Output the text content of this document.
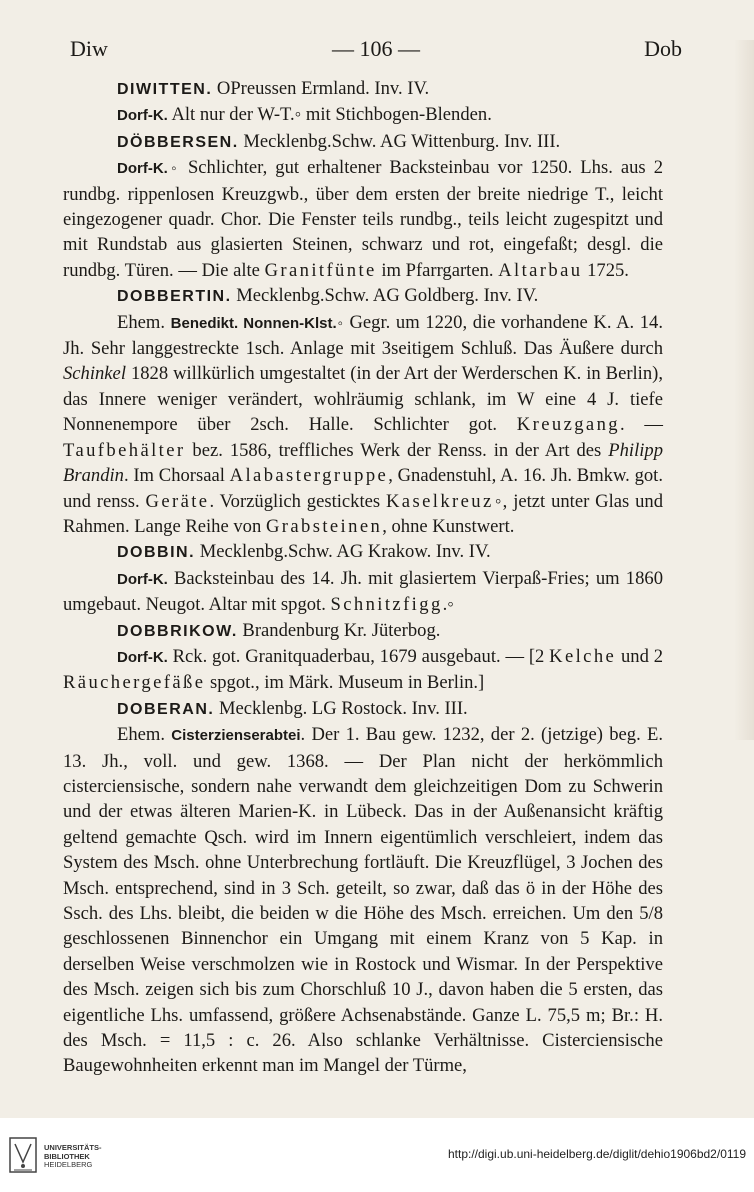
Diw	— 106 —	Dob

DIWITTEN. OPreussen Ermland. Inv. IV.

Dorf-K. Alt nur der W-T.◦ mit Stichbogen-Blenden.

DÖBBERSEN. Mecklenbg.Schw. AG Wittenburg. Inv. III.

Dorf-K.◦ Schlichter, gut erhaltener Backsteinbau vor 1250. Lhs. aus 2 rundbg. rippenlosen Kreuzgwb., über dem ersten der breite niedrige T., leicht eingezogener quadr. Chor. Die Fenster teils rundbg., teils leicht zugespitzt und mit Rundstab aus glasierten Steinen, schwarz und rot, eingefaßt; desgl. die rundbg. Türen. — Die alte Granitfünte im Pfarrgarten. Altarbau 1725.

DOBBERTIN. Mecklenbg.Schw. AG Goldberg. Inv. IV.

Ehem. Benedikt. Nonnen-Klst.◦ Gegr. um 1220, die vorhandene K. A. 14. Jh. Sehr langgestreckte 1sch. Anlage mit 3seitigem Schluß. Das Äußere durch Schinkel 1828 willkürlich umgestaltet (in der Art der Werderschen K. in Berlin), das Innere weniger verändert, wohlräumig schlank, im W eine 4 J. tiefe Nonnenempore über 2sch. Halle. Schlichter got. Kreuzgang. — Taufbehälter bez. 1586, treffliches Werk der Renss. in der Art des Philipp Brandin. Im Chorsaal Alabastergruppe, Gnadenstuhl, A. 16. Jh. Bmkw. got. und renss. Geräte. Vorzüglich gesticktes Kaselkreuz◦, jetzt unter Glas und Rahmen. Lange Reihe von Grabsteinen, ohne Kunstwert.

DOBBIN. Mecklenbg.Schw. AG Krakow. Inv. IV.

Dorf-K. Backsteinbau des 14. Jh. mit glasiertem Vierpaß-Fries; um 1860 umgebaut. Neugot. Altar mit spgot. Schnitzfigg.◦

DOBBRIKOW. Brandenburg Kr. Jüterbog.

Dorf-K. Rck. got. Granitquaderbau, 1679 ausgebaut. — [2 Kelche und 2 Räuchergefäße spgot., im Märk. Museum in Berlin.]

DOBERAN. Mecklenbg. LG Rostock. Inv. III.

Ehem. Cisterzienserabtei. Der 1. Bau gew. 1232, der 2. (jetzige) beg. E. 13. Jh., voll. und gew. 1368. — Der Plan nicht der herkömmlich cisterciensische, sondern nahe verwandt dem gleichzeitigen Dom zu Schwerin und der etwas älteren Marien-K. in Lübeck. Das in der Außenansicht kräftig geltend gemachte Qsch. wird im Innern eigentümlich verschleiert, indem das System des Msch. ohne Unterbrechung fortläuft. Die Kreuzflügel, 3 Jochen des Msch. entsprechend, sind in 3 Sch. geteilt, so zwar, daß das ö in der Höhe des Ssch. des Lhs. bleibt, die beiden w die Höhe des Msch. erreichen. Um den 5/8 geschlossenen Binnenchor ein Umgang mit einem Kranz von 5 Kap. in derselben Weise verschmolzen wie in Rostock und Wismar. In der Perspektive des Msch. zeigen sich bis zum Chorschluß 10 J., davon haben die 5 ersten, das eigentliche Lhs. umfassend, größere Achsenabstände. Ganze L. 75,5 m; Br.: H. des Msch. = 11,5 : c. 26. Also schlanke Verhältnisse. Cisterciensische Baugewohnheiten erkennt man im Mangel der Türme,

UNIVERSITÄTS-
BIBLIOTHEK
HEIDELBERG
http://digi.ub.uni-heidelberg.de/diglit/dehio1906bd2/0119
